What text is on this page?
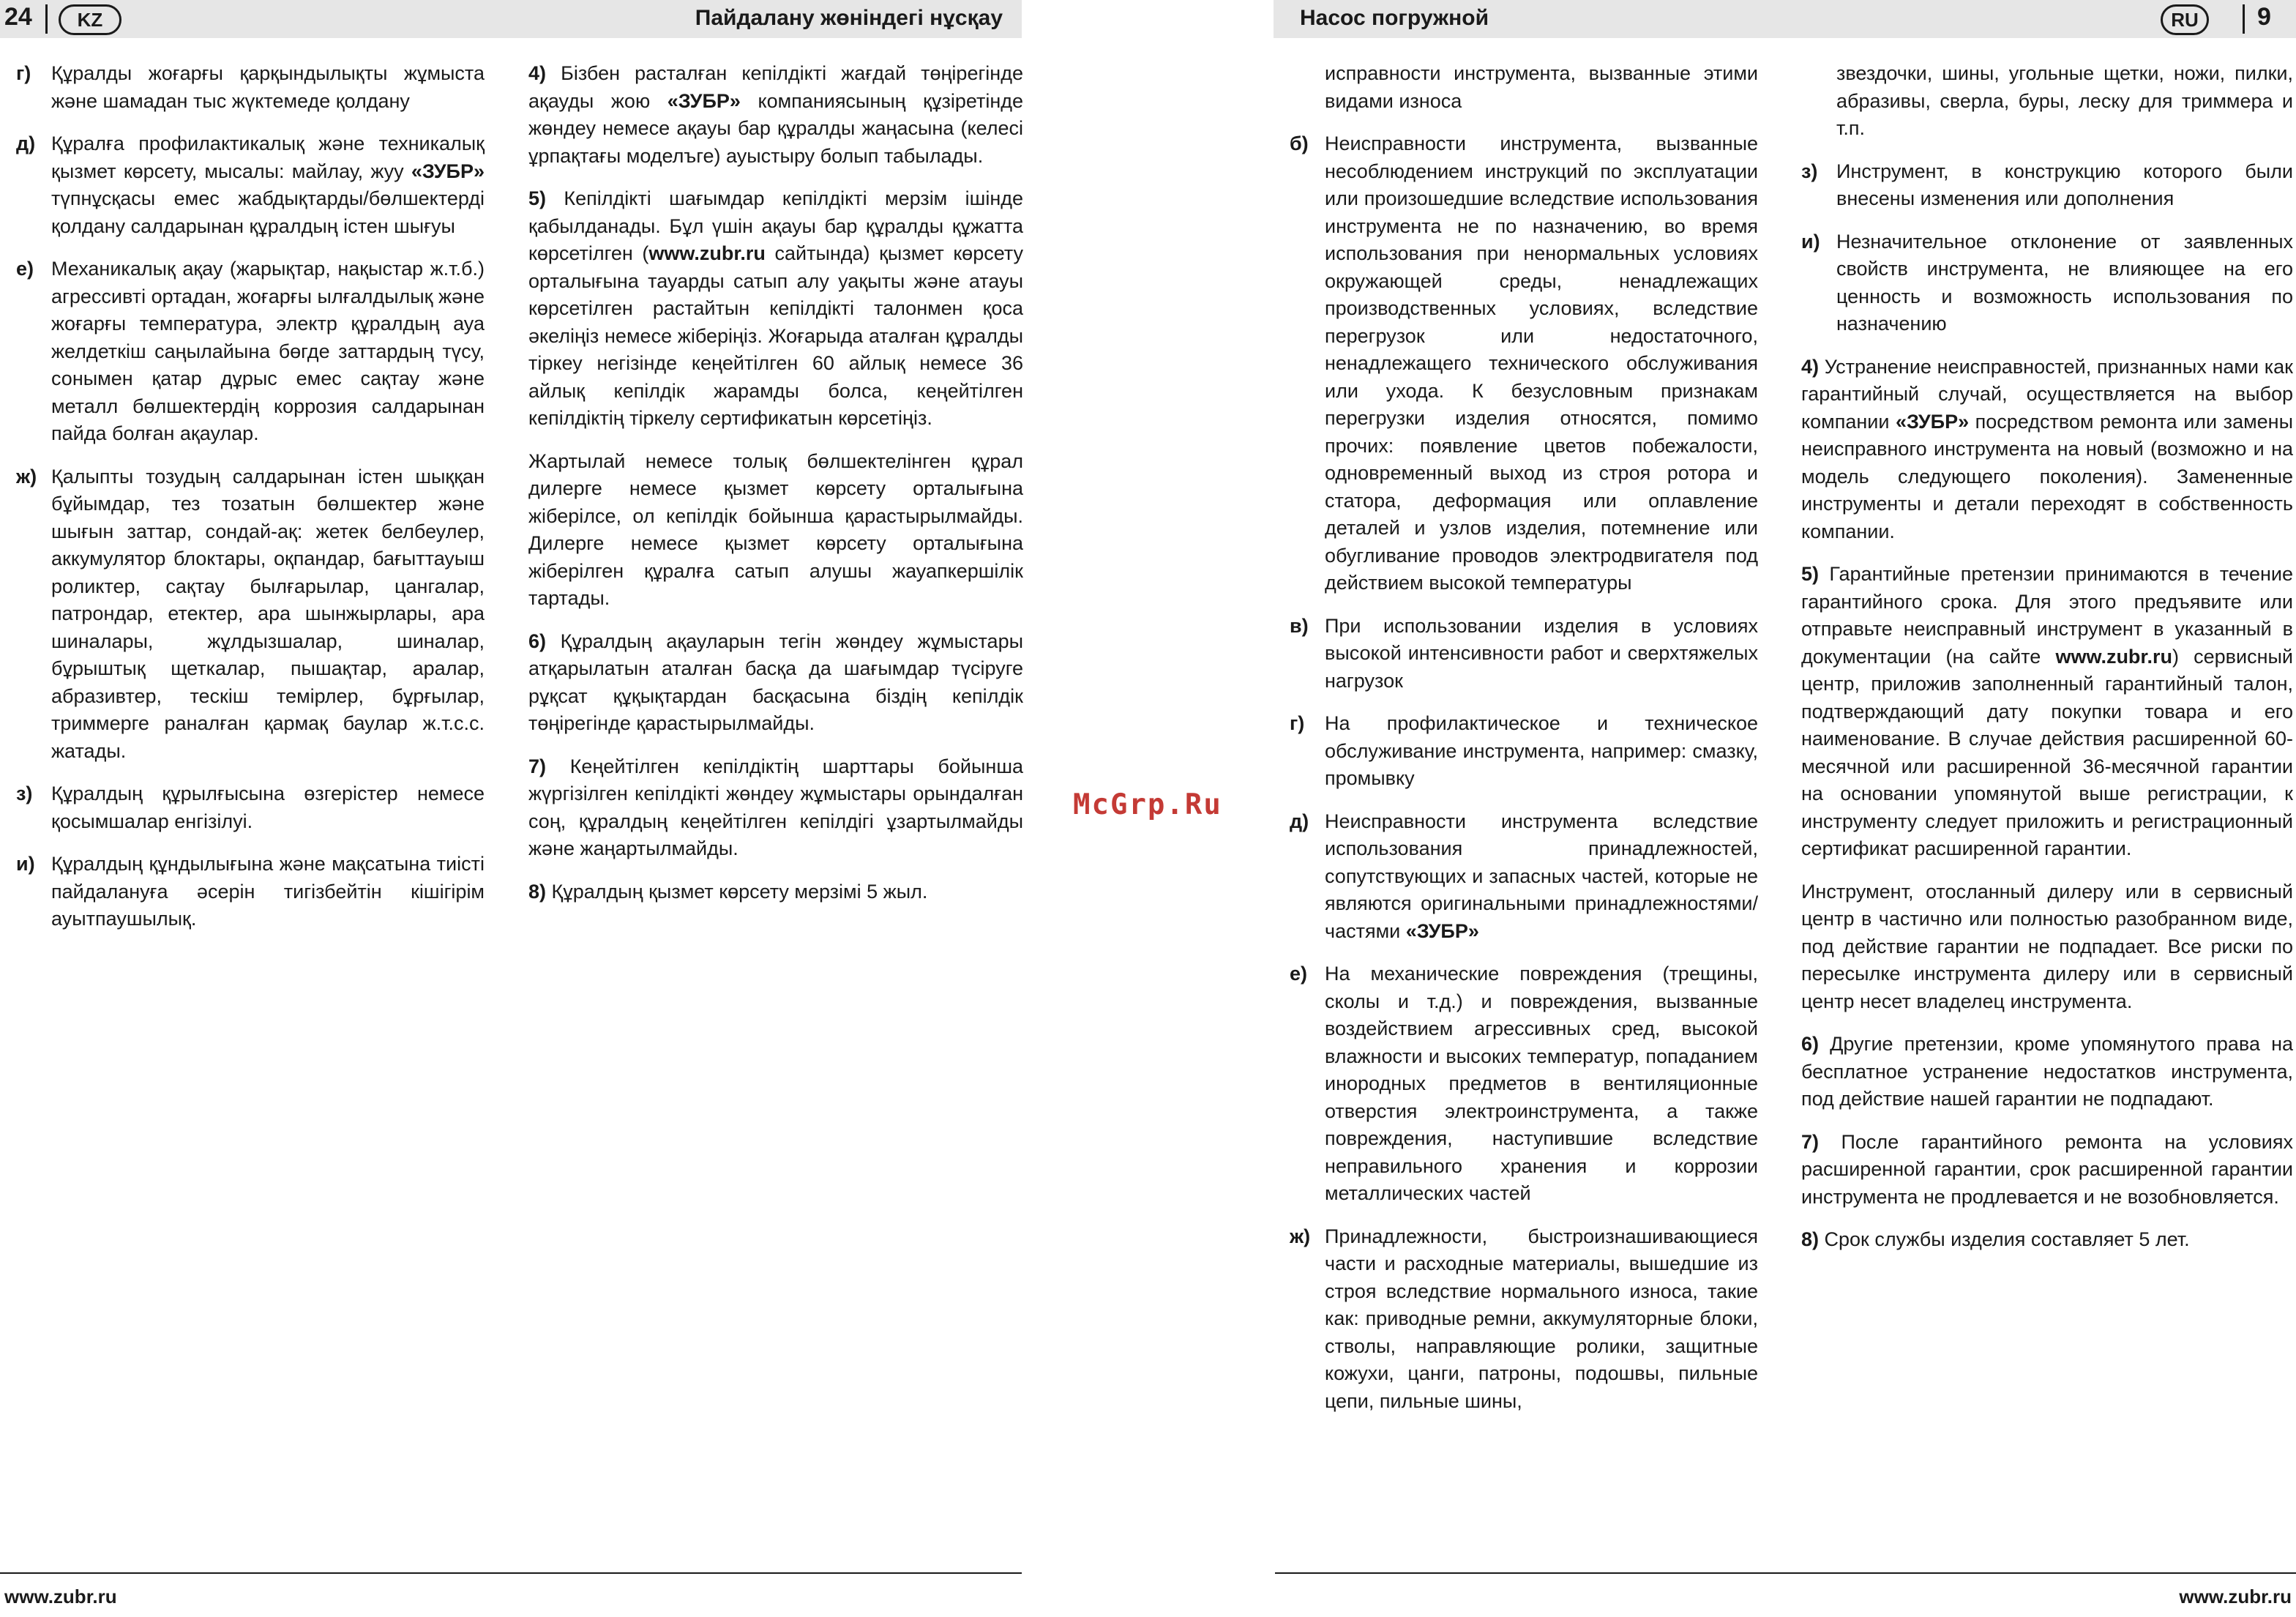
24	KZ	Пайдалану жөніндегі нұсқау
г) Құралды жоғарғы қарқындылықты жұмыста және шамадан тыс жүктемеде қолдану
д) Құралға профилактикалық және техникалық қызмет көрсету, мысалы: майлау, жуу «ЗУБР» түпнұсқасы емес жабдықтарды/бөлшектерді қолдану салдарынан құралдың істен шығуы
е) Механикалық ақау (жарықтар, нақыстар ж.т.б.) агрессивті ортадан, жоғарғы ылғалдылық және жоғарғы температура, электр құралдың ауа желдеткіш саңылайына бөгде заттардың түсу, сонымен қатар дұрыс емес сақтау және металл бөлшектердің коррозия салдарынан пайда болған ақаулар.
ж) Қалыпты тозудың салдарынан істен шыққан бұйымдар, тез тозатын бөлшектер және шығын заттар, сондай-ақ: жетек белбеулер, аккумулятор блоктары, оқпандар, бағыттауыш роликтер, сақтау былғарылар, цангалар, патрондар, етектер, ара шынжырлары, ара шиналары, жұлдызшалар, шиналар, бұрыштық щеткалар, пышақтар, аралар, абразивтер, тескіш темірлер, бұрғылар, триммерге раналған қармақ баулар ж.т.с.с. жатады.
з) Құралдың құрылғысына өзгерістер немесе қосымшалар енгізілуі.
и) Құралдың құндылығына және мақсатына тиісті пайдалануға әсерін тигізбейтін кішігірім ауытпаушылық.

4) Бізбен расталған кепілдікті жағдай төңірегінде ақауды жою «ЗУБР» компаниясының құзіретінде жөндеу немесе ақауы бар құралды жаңасына (келесі ұрпақтағы моделъге) ауыстыру болып табылады.

5) Кепілдікті шағымдар кепілдікті мерзім ішінде қабылданады. Бұл үшін ақауы бар құралды құжатта көрсетілген (www.zubr.ru сайтында) қызмет көрсету орталығына тауарды сатып алу уақыты және атауы көрсетілген растайтын кепілдікті талонмен қоса әкеліңіз немесе жіберіңіз. Жоғарыда аталған құралды тіркеу негізінде кеңейтілген 60 айлық немесе 36 айлық кепілдік жарамды болса, кеңейтілген кепілдіктің тіркелу сертификатын көрсетіңіз.

Жартылай немесе толық бөлшектелінген құрал дилерге немесе қызмет көрсету орталығына жіберілсе, ол кепілдік бойынша қарастырылмайды. Дилерге немесе қызмет көрсету орталығына жіберілген құралға сатып алушы жауапкершілік тартады.

6) Құралдың ақауларын тегін жөндеу жұмыстары атқарылатын аталған басқа да шағымдар түсіруге рұқсат құқықтардан басқасына біздің кепілдік төңірегінде қарастырылмайды.

7) Кеңейтілген кепілдіктің шарттары бойынша жүргізілген кепілдікті жөндеу жұмыстары орындалған соң, құралдың кеңейтілген кепілдігі ұзартылмайды және жаңартылмайды.

8) Құралдың қызмет көрсету мерзімі 5 жыл.

www.zubr.ru
Насос погружной	RU	9

исправности инструмента, вызванные этими видами износа

б) Неисправности инструмента, вызванные несоблюдением инструкций по эксплуатации или произошедшие вследствие использования инструмента не по назначению, во время использования при ненормальных условиях окружающей среды, ненадлежащих производственных условиях, вследствие перегрузок или недостаточного, ненадлежащего технического обслуживания или ухода. К безусловным признакам перегрузки изделия относятся, помимо прочих: появление цветов побежалости, одновременный выход из строя ротора и статора, деформация или оплавление деталей и узлов изделия, потемнение или обугливание проводов электродвигателя под действием высокой температуры
в) При использовании изделия в условиях высокой интенсивности работ и сверхтяжелых нагрузок
г) На профилактическое и техническое обслуживание инструмента, например: смазку, промывку
д) Неисправности инструмента вследствие использования принадлежностей, сопутствующих и запасных частей, которые не являются оригинальными принадлежностями/частями «ЗУБР»
е) На механические повреждения (трещины, сколы и т.д.) и повреждения, вызванные воздействием агрессивных сред, высокой влажности и высоких температур, попаданием инородных предметов в вентиляционные отверстия электроинструмента, а также повреждения, наступившие вследствие неправильного хранения и коррозии металлических частей
ж) Принадлежности, быстроизнашивающиеся части и расходные материалы, вышедшие из строя вследствие нормального износа, такие как: приводные ремни, аккумуляторные блоки, стволы, направляющие ролики, защитные кожухи, цанги, патроны, подошвы, пильные цепи, пильные шины,

звездочки, шины, угольные щетки, ножи, пилки, абразивы, сверла, буры, леску для триммера и т.п.

з) Инструмент, в конструкцию которого были внесены изменения или дополнения
и) Незначительное отклонение от заявленных свойств инструмента, не влияющее на его ценность и возможность использования по назначению

4) Устранение неисправностей, признанных нами как гарантийный случай, осуществляется на выбор компании «ЗУБР» посредством ремонта или замены неисправного инструмента на новый (возможно и на модель следующего поколения). Замененные инструменты и детали переходят в собственность компании.

5) Гарантийные претензии принимаются в течение гарантийного срока. Для этого предъявите или отправьте неисправный инструмент в указанный в документации (на сайте www.zubr.ru) сервисный центр, приложив заполненный гарантийный талон, подтверждающий дату покупки товара и его наименование. В случае действия расширенной 60-месячной или расширенной 36-месячной гарантии на основании упомянутой выше регистрации, к инструменту следует приложить и регистрационный сертификат расширенной гарантии.

Инструмент, отосланный дилеру или в сервисный центр в частично или полностью разобранном виде, под действие гарантии не подпадает. Все риски по пересылке инструмента дилеру или в сервисный центр несет владелец инструмента.

6) Другие претензии, кроме упомянутого права на бесплатное устранение недостатков инструмента, под действие нашей гарантии не подпадают.

7) После гарантийного ремонта на условиях расширенной гарантии, срок расширенной гарантии инструмента не продлевается и не возобновляется.

8) Срок службы изделия составляет 5 лет.

www.zubr.ru
McGrp.Ru
